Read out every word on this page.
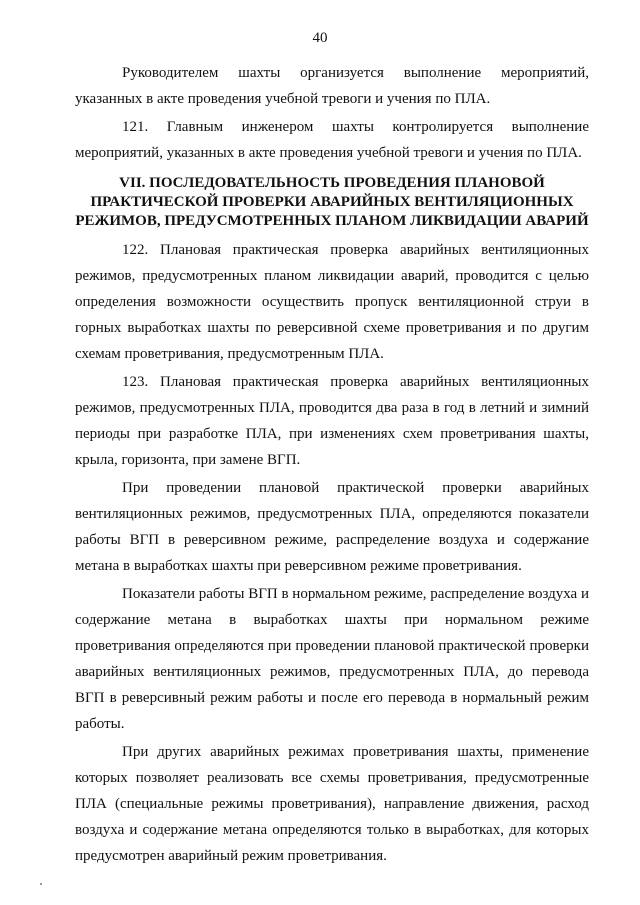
40

Руководителем шахты организуется выполнение мероприятий, указанных в акте проведения учебной тревоги и учения по ПЛА.

121. Главным инженером шахты контролируется выполнение мероприятий, указанных в акте проведения учебной тревоги и учения по ПЛА.

VII. ПОСЛЕДОВАТЕЛЬНОСТЬ ПРОВЕДЕНИЯ ПЛАНОВОЙ
ПРАКТИЧЕСКОЙ ПРОВЕРКИ АВАРИЙНЫХ ВЕНТИЛЯЦИОННЫХ
РЕЖИМОВ, ПРЕДУСМОТРЕННЫХ ПЛАНОМ ЛИКВИДАЦИИ АВАРИЙ

122. Плановая практическая проверка аварийных вентиляционных режимов, предусмотренных планом ликвидации аварий, проводится с целью определения возможности осуществить пропуск вентиляционной струи в горных выработках шахты по реверсивной схеме проветривания и по другим схемам проветривания, предусмотренным ПЛА.

123. Плановая практическая проверка аварийных вентиляционных режимов, предусмотренных ПЛА, проводится два раза в год в летний и зимний периоды при разработке ПЛА, при изменениях схем проветривания шахты, крыла, горизонта, при замене ВГП.

При проведении плановой практической проверки аварийных вентиляционных режимов, предусмотренных ПЛА, определяются показатели работы ВГП в реверсивном режиме, распределение воздуха и содержание метана в выработках шахты при реверсивном режиме проветривания.

Показатели работы ВГП в нормальном режиме, распределение воздуха и содержание метана в выработках шахты при нормальном режиме проветривания определяются при проведении плановой практической проверки аварийных вентиляционных режимов, предусмотренных ПЛА, до перевода ВГП в реверсивный режим работы и после его перевода в нормальный режим работы.

При других аварийных режимах проветривания шахты, применение которых позволяет реализовать все схемы проветривания, предусмотренные ПЛА (специальные режимы проветривания), направление движения, расход воздуха и содержание метана определяются только в выработках, для которых предусмотрен аварийный режим проветривания.
